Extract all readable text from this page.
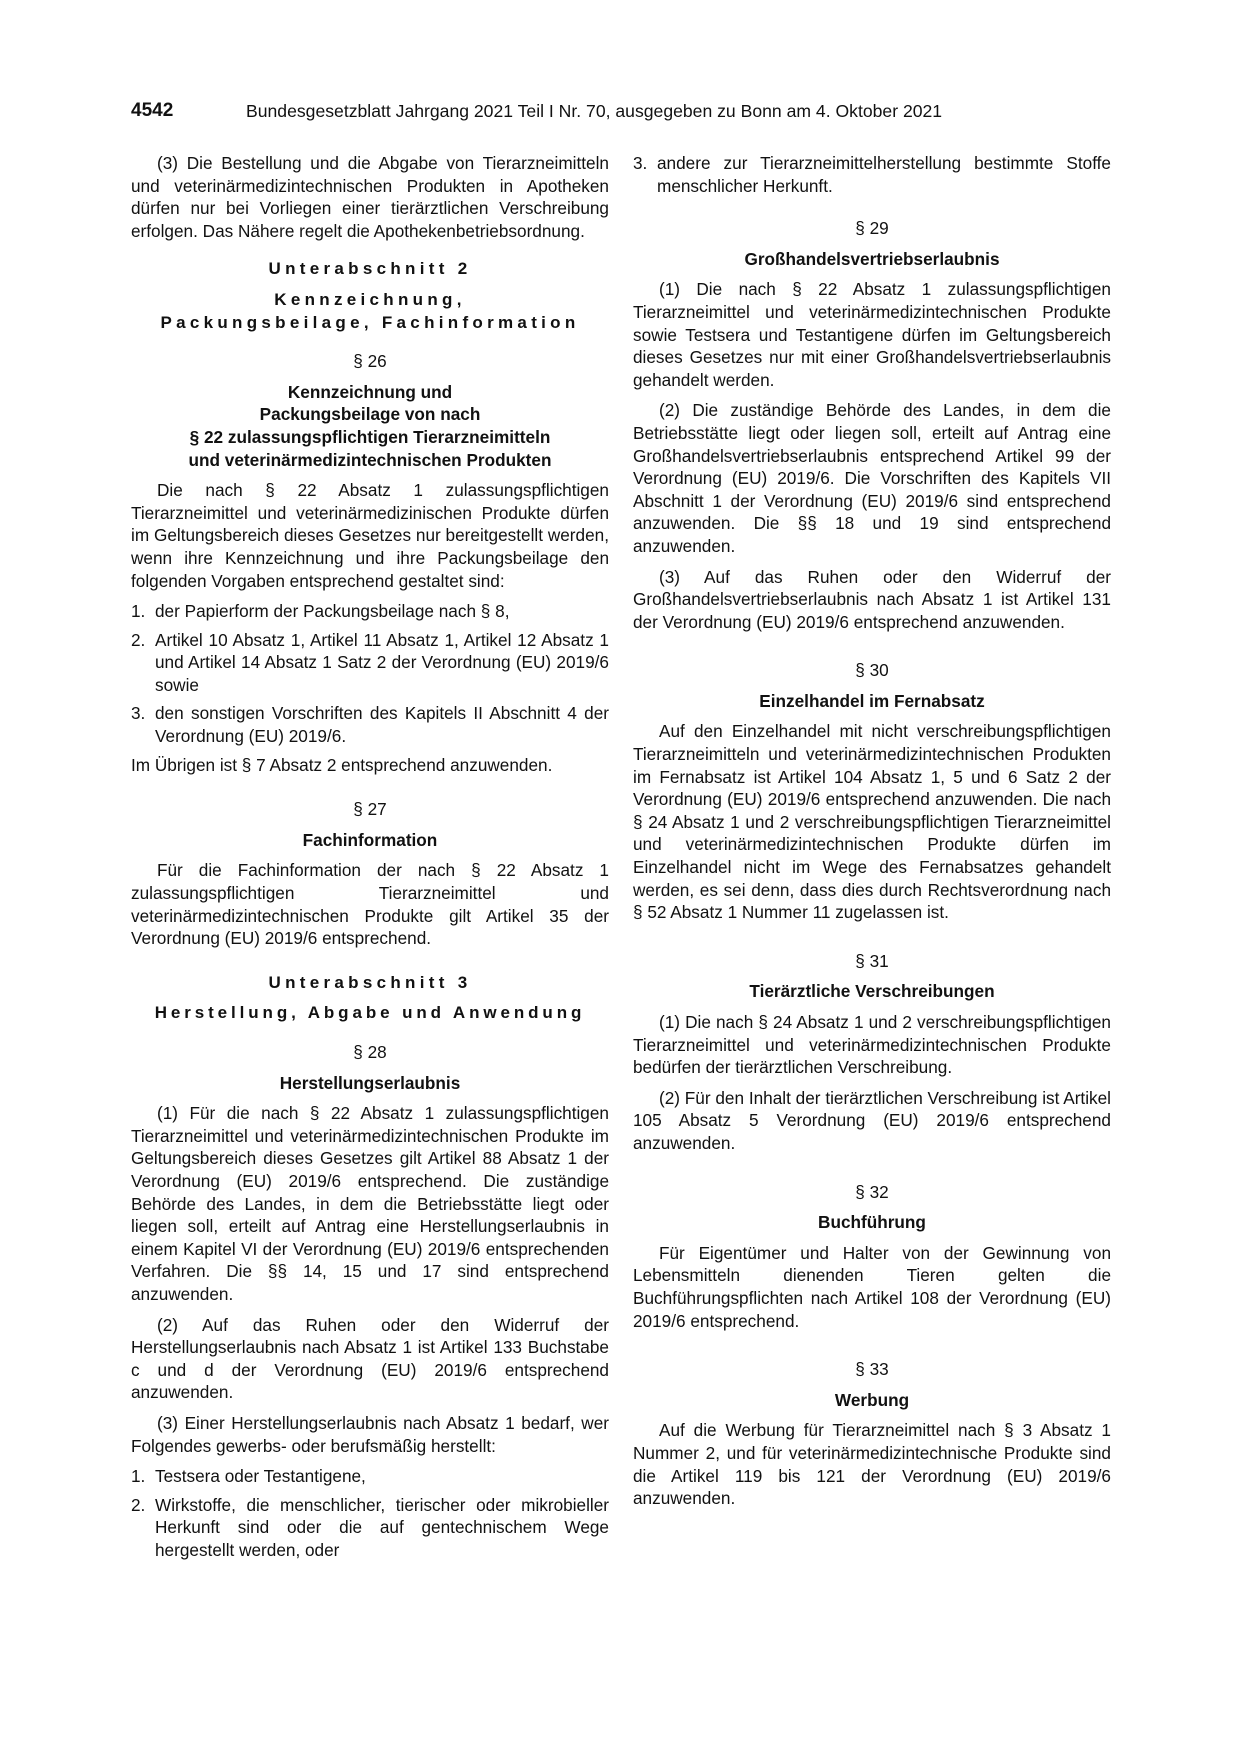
4542	Bundesgesetzblatt Jahrgang 2021 Teil I Nr. 70, ausgegeben zu Bonn am 4. Oktober 2021

(3) Die Bestellung und die Abgabe von Tierarzneimitteln und veterinärmedizintechnischen Produkten in Apotheken dürfen nur bei Vorliegen einer tierärztlichen Verschreibung erfolgen. Das Nähere regelt die Apothekenbetriebsordnung.

Unterabschnitt 2
Kennzeichnung,
Packungsbeilage, Fachinformation
§ 26
Kennzeichnung und
Packungsbeilage von nach
§ 22 zulassungspflichtigen Tierarzneimitteln
und veterinärmedizintechnischen Produkten

Die nach § 22 Absatz 1 zulassungspflichtigen Tierarzneimittel und veterinärmedizinischen Produkte dürfen im Geltungsbereich dieses Gesetzes nur bereitgestellt werden, wenn ihre Kennzeichnung und ihre Packungsbeilage den folgenden Vorgaben entsprechend gestaltet sind:

1. der Papierform der Packungsbeilage nach § 8,
2. Artikel 10 Absatz 1, Artikel 11 Absatz 1, Artikel 12 Absatz 1 und Artikel 14 Absatz 1 Satz 2 der Verordnung (EU) 2019/6 sowie
3. den sonstigen Vorschriften des Kapitels II Abschnitt 4 der Verordnung (EU) 2019/6.

Im Übrigen ist § 7 Absatz 2 entsprechend anzuwenden.

§ 27
Fachinformation

Für die Fachinformation der nach § 22 Absatz 1 zulassungspflichtigen Tierarzneimittel und veterinärmedizintechnischen Produkte gilt Artikel 35 der Verordnung (EU) 2019/6 entsprechend.

Unterabschnitt 3
Herstellung, Abgabe und Anwendung
§ 28
Herstellungserlaubnis

(1) Für die nach § 22 Absatz 1 zulassungspflichtigen Tierarzneimittel und veterinärmedizintechnischen Produkte im Geltungsbereich dieses Gesetzes gilt Artikel 88 Absatz 1 der Verordnung (EU) 2019/6 entsprechend. Die zuständige Behörde des Landes, in dem die Betriebsstätte liegt oder liegen soll, erteilt auf Antrag eine Herstellungserlaubnis in einem Kapitel VI der Verordnung (EU) 2019/6 entsprechenden Verfahren. Die §§ 14, 15 und 17 sind entsprechend anzuwenden.

(2) Auf das Ruhen oder den Widerruf der Herstellungserlaubnis nach Absatz 1 ist Artikel 133 Buchstabe c und d der Verordnung (EU) 2019/6 entsprechend anzuwenden.

(3) Einer Herstellungserlaubnis nach Absatz 1 bedarf, wer Folgendes gewerbs- oder berufsmäßig herstellt:

1. Testsera oder Testantigene,
2. Wirkstoffe, die menschlicher, tierischer oder mikrobieller Herkunft sind oder die auf gentechnischem Wege hergestellt werden, oder
3. andere zur Tierarzneimittelherstellung bestimmte Stoffe menschlicher Herkunft.
§ 29
Großhandelsvertriebserlaubnis

(1) Die nach § 22 Absatz 1 zulassungspflichtigen Tierarzneimittel und veterinärmedizintechnischen Produkte sowie Testsera und Testantigene dürfen im Geltungsbereich dieses Gesetzes nur mit einer Großhandelsvertriebserlaubnis gehandelt werden.

(2) Die zuständige Behörde des Landes, in dem die Betriebsstätte liegt oder liegen soll, erteilt auf Antrag eine Großhandelsvertriebserlaubnis entsprechend Artikel 99 der Verordnung (EU) 2019/6. Die Vorschriften des Kapitels VII Abschnitt 1 der Verordnung (EU) 2019/6 sind entsprechend anzuwenden. Die §§ 18 und 19 sind entsprechend anzuwenden.

(3) Auf das Ruhen oder den Widerruf der Großhandelsvertriebserlaubnis nach Absatz 1 ist Artikel 131 der Verordnung (EU) 2019/6 entsprechend anzuwenden.

§ 30
Einzelhandel im Fernabsatz

Auf den Einzelhandel mit nicht verschreibungspflichtigen Tierarzneimitteln und veterinärmedizintechnischen Produkten im Fernabsatz ist Artikel 104 Absatz 1, 5 und 6 Satz 2 der Verordnung (EU) 2019/6 entsprechend anzuwenden. Die nach § 24 Absatz 1 und 2 verschreibungspflichtigen Tierarzneimittel und veterinärmedizintechnischen Produkte dürfen im Einzelhandel nicht im Wege des Fernabsatzes gehandelt werden, es sei denn, dass dies durch Rechtsverordnung nach § 52 Absatz 1 Nummer 11 zugelassen ist.

§ 31
Tierärztliche Verschreibungen

(1) Die nach § 24 Absatz 1 und 2 verschreibungspflichtigen Tierarzneimittel und veterinärmedizintechnischen Produkte bedürfen der tierärztlichen Verschreibung.

(2) Für den Inhalt der tierärztlichen Verschreibung ist Artikel 105 Absatz 5 Verordnung (EU) 2019/6 entsprechend anzuwenden.

§ 32
Buchführung

Für Eigentümer und Halter von der Gewinnung von Lebensmitteln dienenden Tieren gelten die Buchführungspflichten nach Artikel 108 der Verordnung (EU) 2019/6 entsprechend.

§ 33
Werbung

Auf die Werbung für Tierarzneimittel nach § 3 Absatz 1 Nummer 2, und für veterinärmedizintechnische Produkte sind die Artikel 119 bis 121 der Verordnung (EU) 2019/6 anzuwenden.
